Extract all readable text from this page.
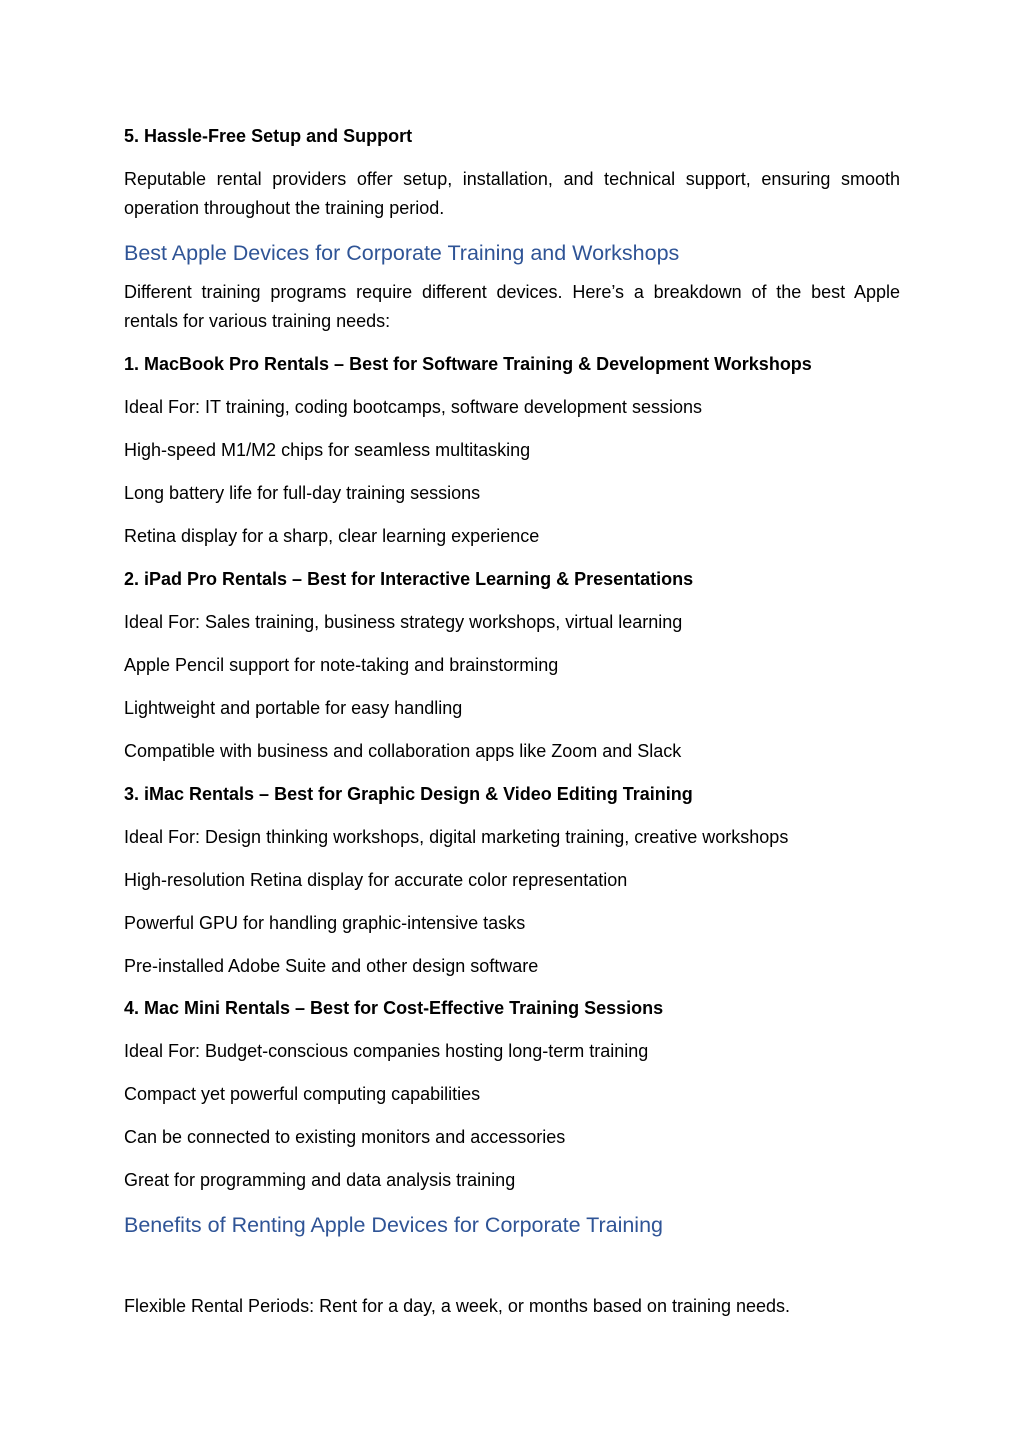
5. Hassle-Free Setup and Support
Reputable rental providers offer setup, installation, and technical support, ensuring smooth operation throughout the training period.
Best Apple Devices for Corporate Training and Workshops
Different training programs require different devices. Here’s a breakdown of the best Apple rentals for various training needs:
1. MacBook Pro Rentals – Best for Software Training & Development Workshops
Ideal For: IT training, coding bootcamps, software development sessions
High-speed M1/M2 chips for seamless multitasking
Long battery life for full-day training sessions
Retina display for a sharp, clear learning experience
2. iPad Pro Rentals – Best for Interactive Learning & Presentations
Ideal For: Sales training, business strategy workshops, virtual learning
Apple Pencil support for note-taking and brainstorming
Lightweight and portable for easy handling
Compatible with business and collaboration apps like Zoom and Slack
3. iMac Rentals – Best for Graphic Design & Video Editing Training
Ideal For: Design thinking workshops, digital marketing training, creative workshops
High-resolution Retina display for accurate color representation
Powerful GPU for handling graphic-intensive tasks
Pre-installed Adobe Suite and other design software
4. Mac Mini Rentals – Best for Cost-Effective Training Sessions
Ideal For: Budget-conscious companies hosting long-term training
Compact yet powerful computing capabilities
Can be connected to existing monitors and accessories
Great for programming and data analysis training
Benefits of Renting Apple Devices for Corporate Training
Flexible Rental Periods: Rent for a day, a week, or months based on training needs.
